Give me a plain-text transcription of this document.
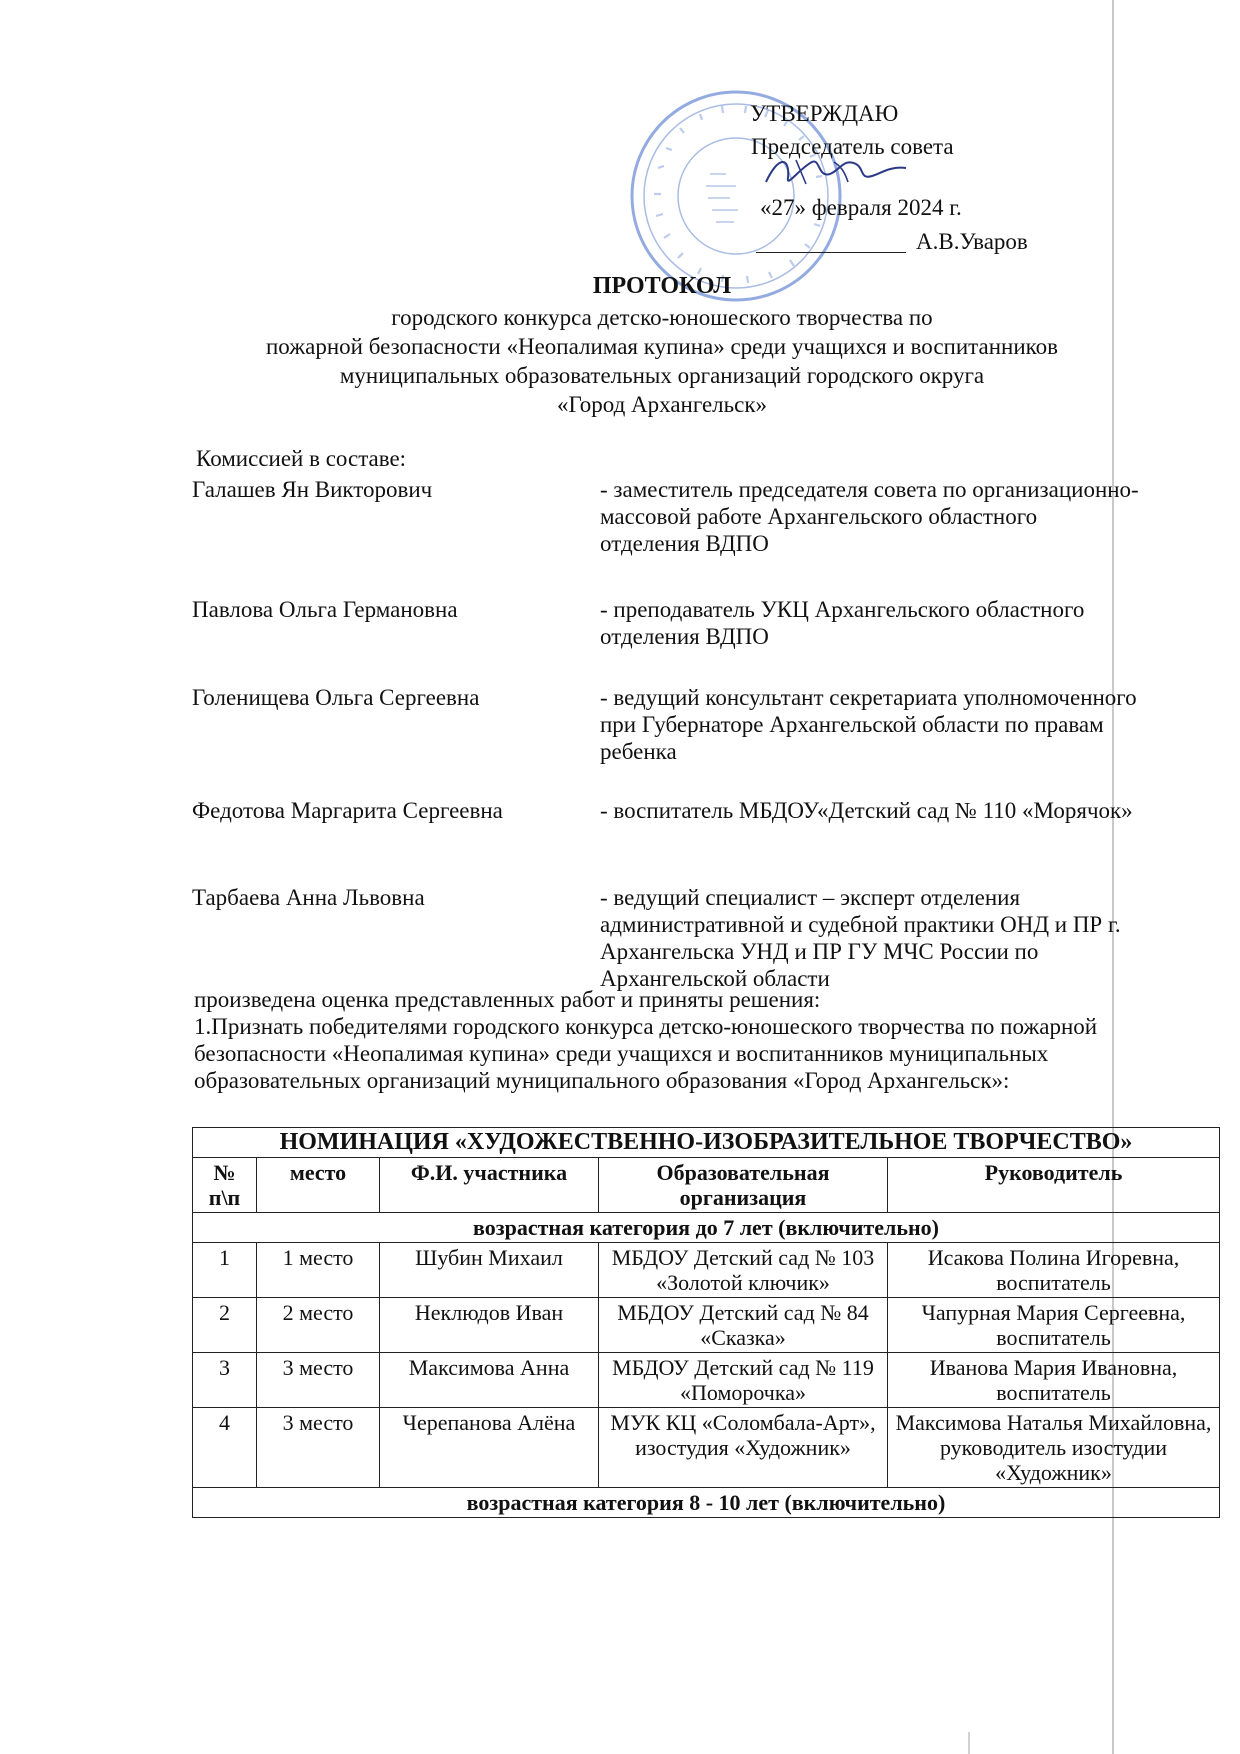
УТВЕРЖДАЮ
Председатель совета
А.В.Уваров
«27» февраля 2024 г.
ПРОТОКОЛ
городского конкурса детско-юношеского творчества по
пожарной безопасности «Неопалимая купина» среди учащихся и воспитанников
муниципальных образовательных организаций городского округа
«Город Архангельск»
Комиссией в составе:
Галашев Ян Викторович	- заместитель председателя совета по организационно-массовой работе Архангельского областного отделения ВДПО
Павлова Ольга Германовна	- преподаватель УКЦ Архангельского областного отделения ВДПО
Голенищева Ольга Сергеевна	- ведущий консультант секретариата уполномоченного при Губернаторе Архангельской области по правам ребенка
Федотова Маргарита Сергеевна	- воспитатель МБДОУ«Детский сад № 110 «Морячок»
Тарбаева Анна Львовна	- ведущий специалист – эксперт отделения административной и судебной практики ОНД и ПР г. Архангельска УНД и ПР ГУ МЧС России по Архангельской области
произведена оценка представленных работ и приняты решения:
1.Признать победителями городского конкурса детско-юношеского творчества по пожарной безопасности «Неопалимая купина» среди учащихся и воспитанников муниципальных образовательных организаций муниципального образования «Город Архангельск»:
НОМИНАЦИЯ «ХУДОЖЕСТВЕННО-ИЗОБРАЗИТЕЛЬНОЕ ТВОРЧЕСТВО»				
№ п\п	место	Ф.И. участника	Образовательная организация	Руководитель
возрастная категория до 7 лет (включительно)				
1	1 место	Шубин Михаил	МБДОУ Детский сад № 103 «Золотой ключик»	Исакова Полина Игоревна, воспитатель
2	2 место	Неклюдов Иван	МБДОУ Детский сад № 84 «Сказка»	Чапурная Мария Сергеевна, воспитатель
3	3 место	Максимова Анна	МБДОУ Детский сад № 119 «Поморочка»	Иванова Мария Ивановна, воспитатель
4	3 место	Черепанова Алёна	МУК КЦ «Соломбала-Арт», изостудия «Художник»	Максимова Наталья Михайловна, руководитель изостудии «Художник»
возрастная категория 8 - 10 лет (включительно)				
